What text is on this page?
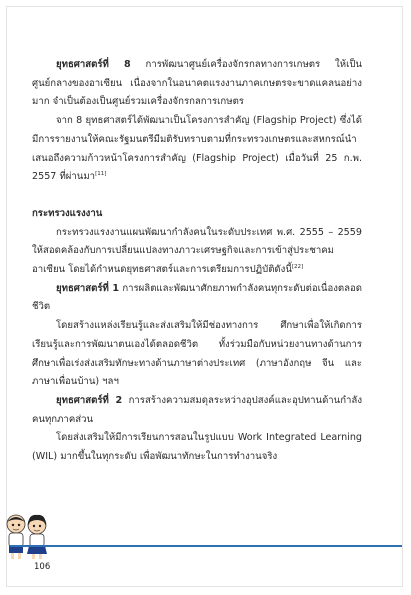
ยุทธศาสตร์ที่ 8 การพัฒนาศูนย์เครื่องจักรกลทางการเกษตร ให้เป็นศูนย์กลางของอาเซียน เนื่องจากในอนาคตแรงงานภาคเกษตรจะขาดแคลนอย่างมาก จำเป็นต้องเป็นศูนย์รวมเครื่องจักรกลการเกษตร

จาก 8 ยุทธศาสตร์ได้พัฒนาเป็นโครงการสำคัญ (Flagship Project) ซึ่งได้มีการรายงานให้คณะรัฐมนตรีมีมติรับทราบตามที่กระทรวงเกษตรและสหกรณ์นำเสนอถึงความก้าวหน้าโครงการสำคัญ (Flagship Project) เมื่อวันที่ 25 ก.พ. 2557 ที่ผ่านมา[11]

กระทรวงแรงงาน

กระทรวงแรงงานแผนพัฒนากำลังคนในระดับประเทศ พ.ศ. 2555 – 2559 ให้สอดคล้องกับการเปลี่ยนแปลงทางภาวะเศรษฐกิจและการเข้าสู่ประชาคมอาเซียน โดยได้กำหนดยุทธศาสตร์และการเตรียมการปฏิบัติดังนี้[22]

ยุทธศาสตร์ที่ 1 การผลิตและพัฒนาศักยภาพกำลังคนทุกระดับต่อเนื่องตลอดชีวิต

โดยสร้างแหล่งเรียนรู้และส่งเสริมให้มีช่องทางการ ศึกษาเพื่อให้เกิดการเรียนรู้และการพัฒนาตนเองได้ตลอดชีวิต ทั้งร่วมมือกับหน่วยงานทางด้านการศึกษาเพื่อเร่งส่งเสริมทักษะทางด้านภาษาต่างประเทศ (ภาษาอังกฤษ จีน และภาษาเพื่อนบ้าน) ฯลฯ

ยุทธศาสตร์ที่ 2 การสร้างความสมดุลระหว่างอุปสงค์และอุปทานด้านกำลังคนทุกภาคส่วน

โดยส่งเสริมให้มีการเรียนการสอนในรูปแบบ Work Integrated Learning (WIL) มากขึ้นในทุกระดับ เพื่อพัฒนาทักษะในการทำงานจริง

106
